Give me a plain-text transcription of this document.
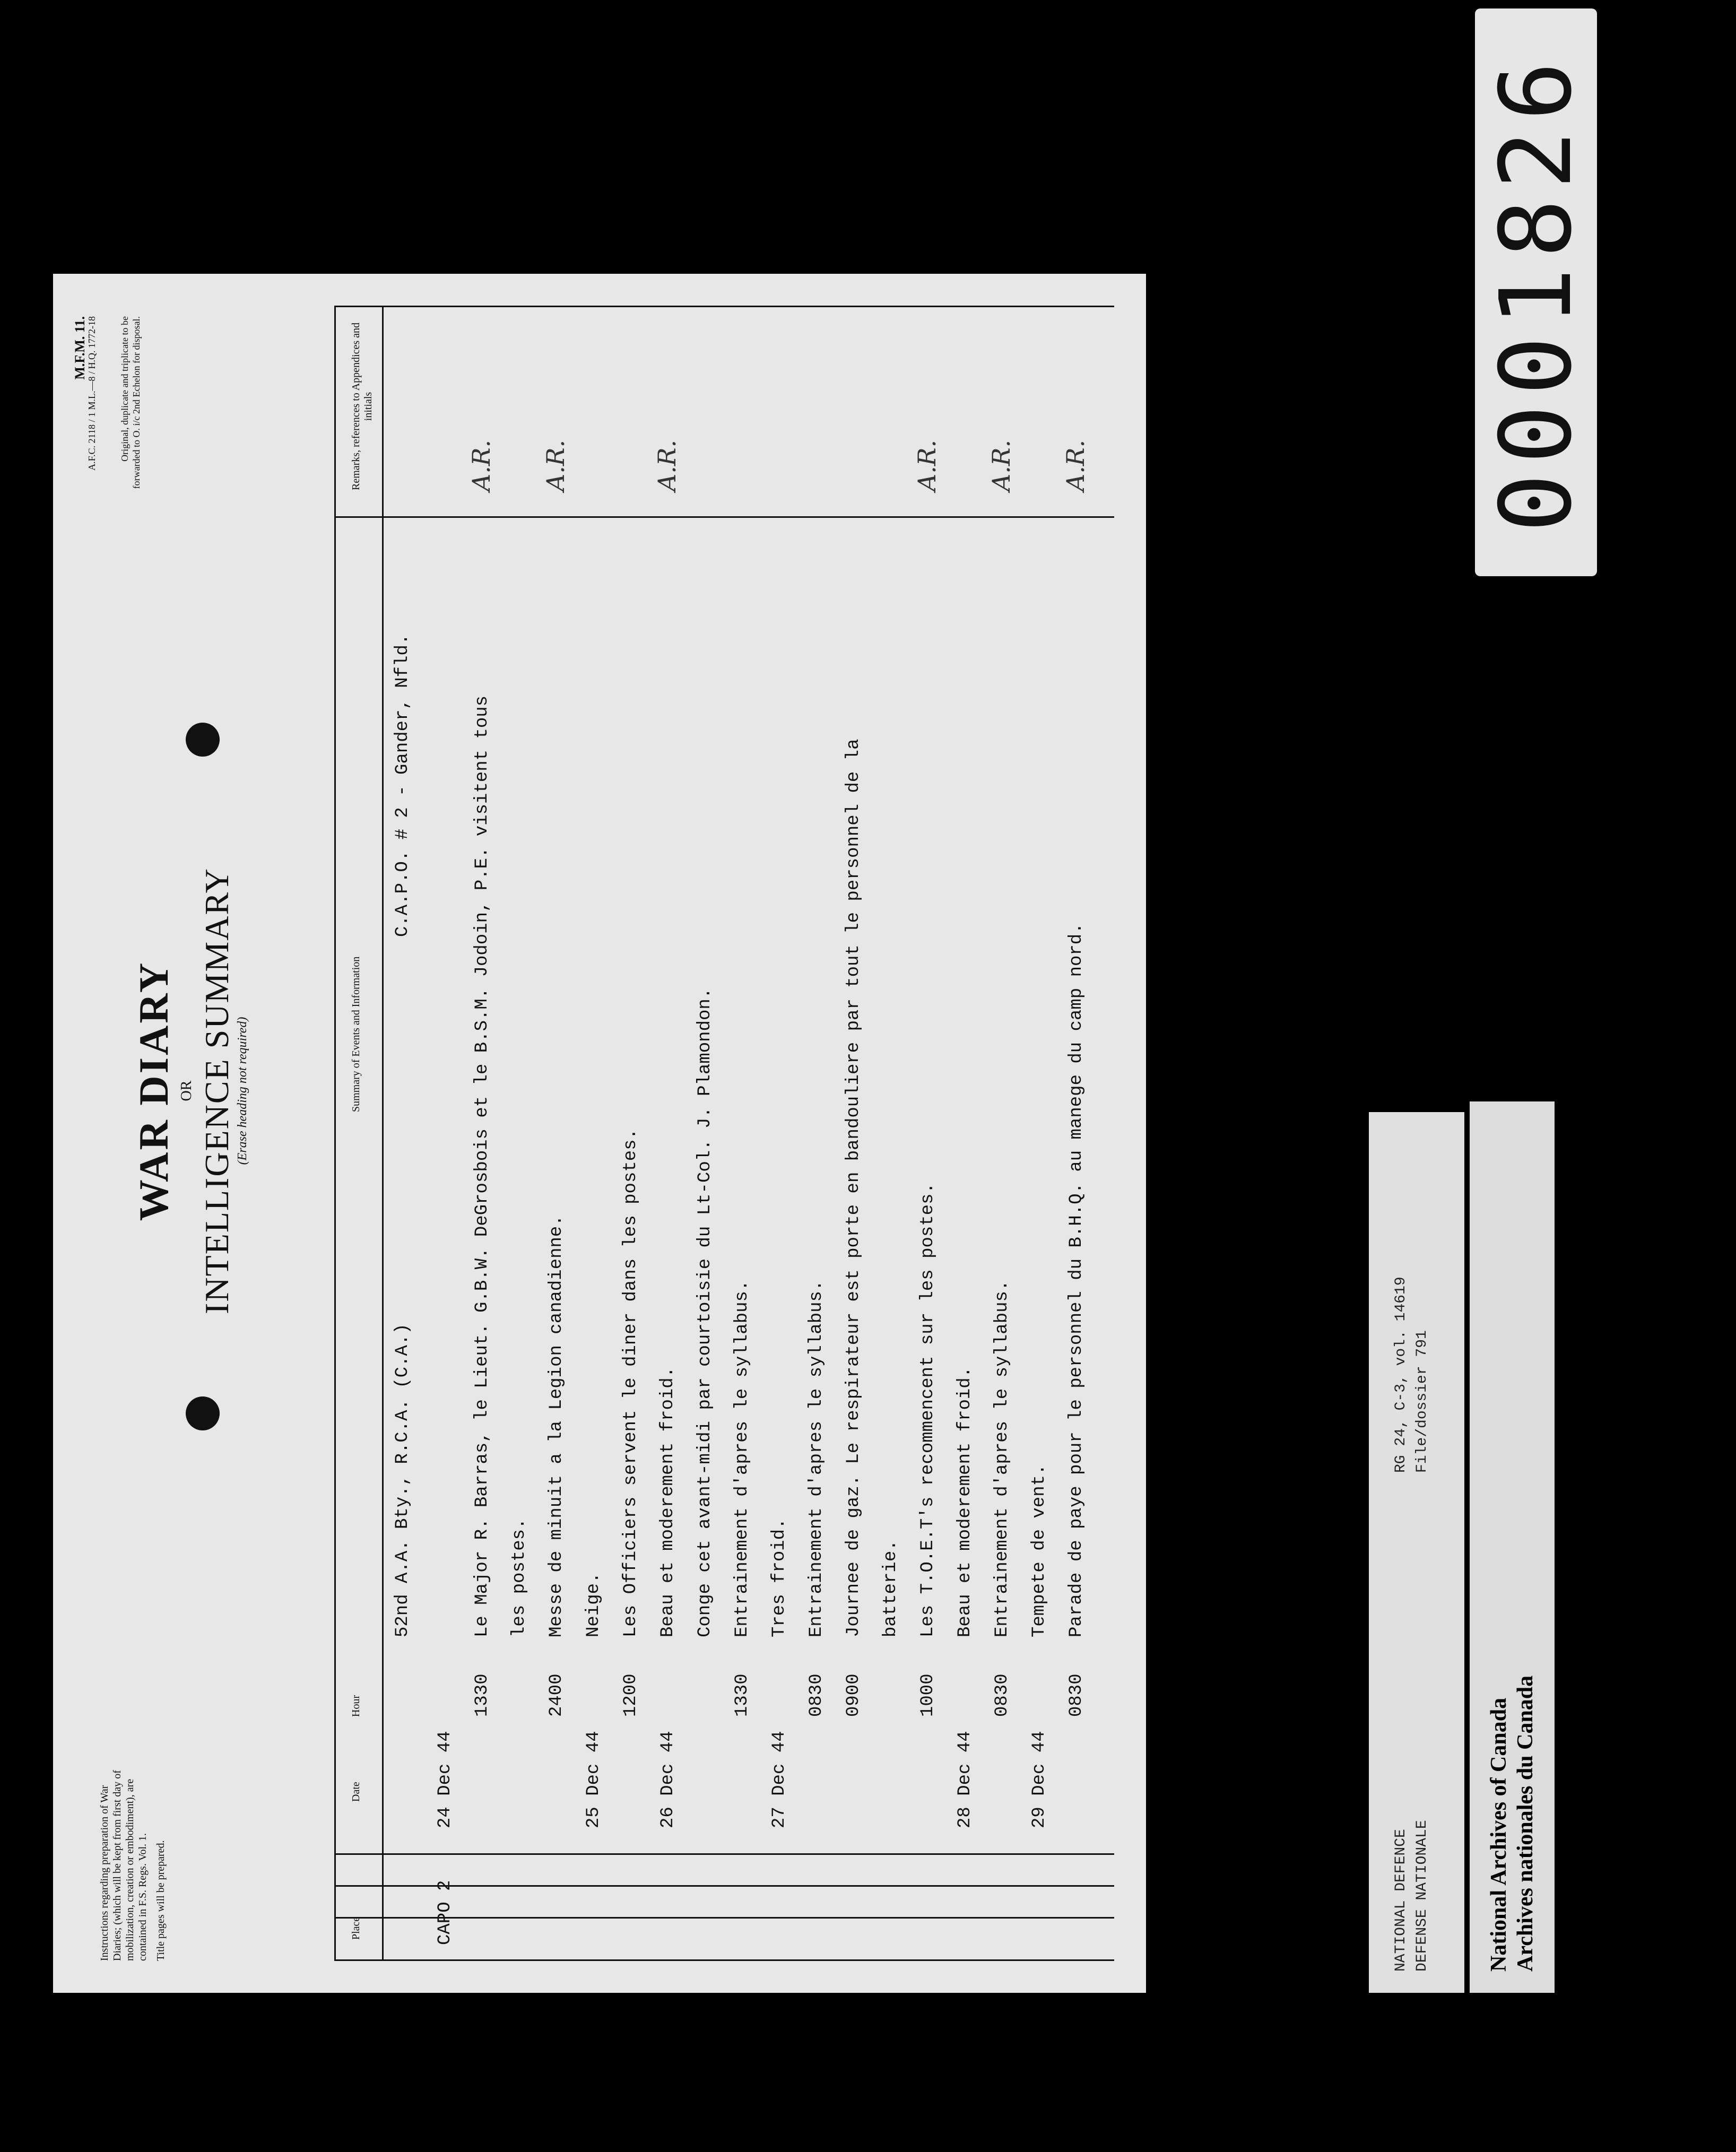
Instructions regarding preparation of War Diaries; (which will be kept from first day of mobilization, creation or embodiment), are contained in F.S. Regs. Vol. 1. Title pages will be prepared.

WAR DIARY OR INTELLIGENCE SUMMARY (Erase heading not required)
M.F.M. 11.
A.F.C. 2118 / 1 M.L.—8 / H.Q. 1772-18 Original, duplicate and triplicate to be forwarded to O. i/c 2nd Echelon for disposal.
Place
Date
Hour
Summary of Events and Information
Remarks, references to Appendices and initials
52nd A.A. Bty., R.C.A. (C.A.)
C.A.P.O. # 2 - Gander, Nfld.
CAPO 2
24 Dec 44
1330
Le Major R. Barras, le Lieut. G.B.W. DeGrosbois et le B.S.M. Jodoin, P.E. visitent tous
A.R.
les postes.
2400
Messe de minuit a la Legion canadienne.
A.R.
25 Dec 44
Neige.
1200
Les Officiers servent le diner dans les postes.
26 Dec 44
Beau et moderement froid.
A.R.
Conge cet avant-midi par courtoisie du Lt-Col. J. Plamondon.
1330
Entrainement d'apres le syllabus.
27 Dec 44
Tres froid.
0830
Entrainement d'apres le syllabus.
0900
Journee de gaz. Le respirateur est porte en bandouliere par tout le personnel de la batterie.
1000
Les T.O.E.T's recommencent sur les postes.
A.R.
28 Dec 44
Beau et moderement froid.
0830
Entrainement d'apres le syllabus.
A.R.
29 Dec 44
Tempete de vent.
0830
Parade de paye pour le personnel du B.H.Q. au manege du camp nord.
A.R.
NATIONAL DEFENCE DEFENSE NATIONALE
RG 24, C-3, vol. 14619 File/dossier 791
National Archives of Canada Archives nationales du Canada
0001826
